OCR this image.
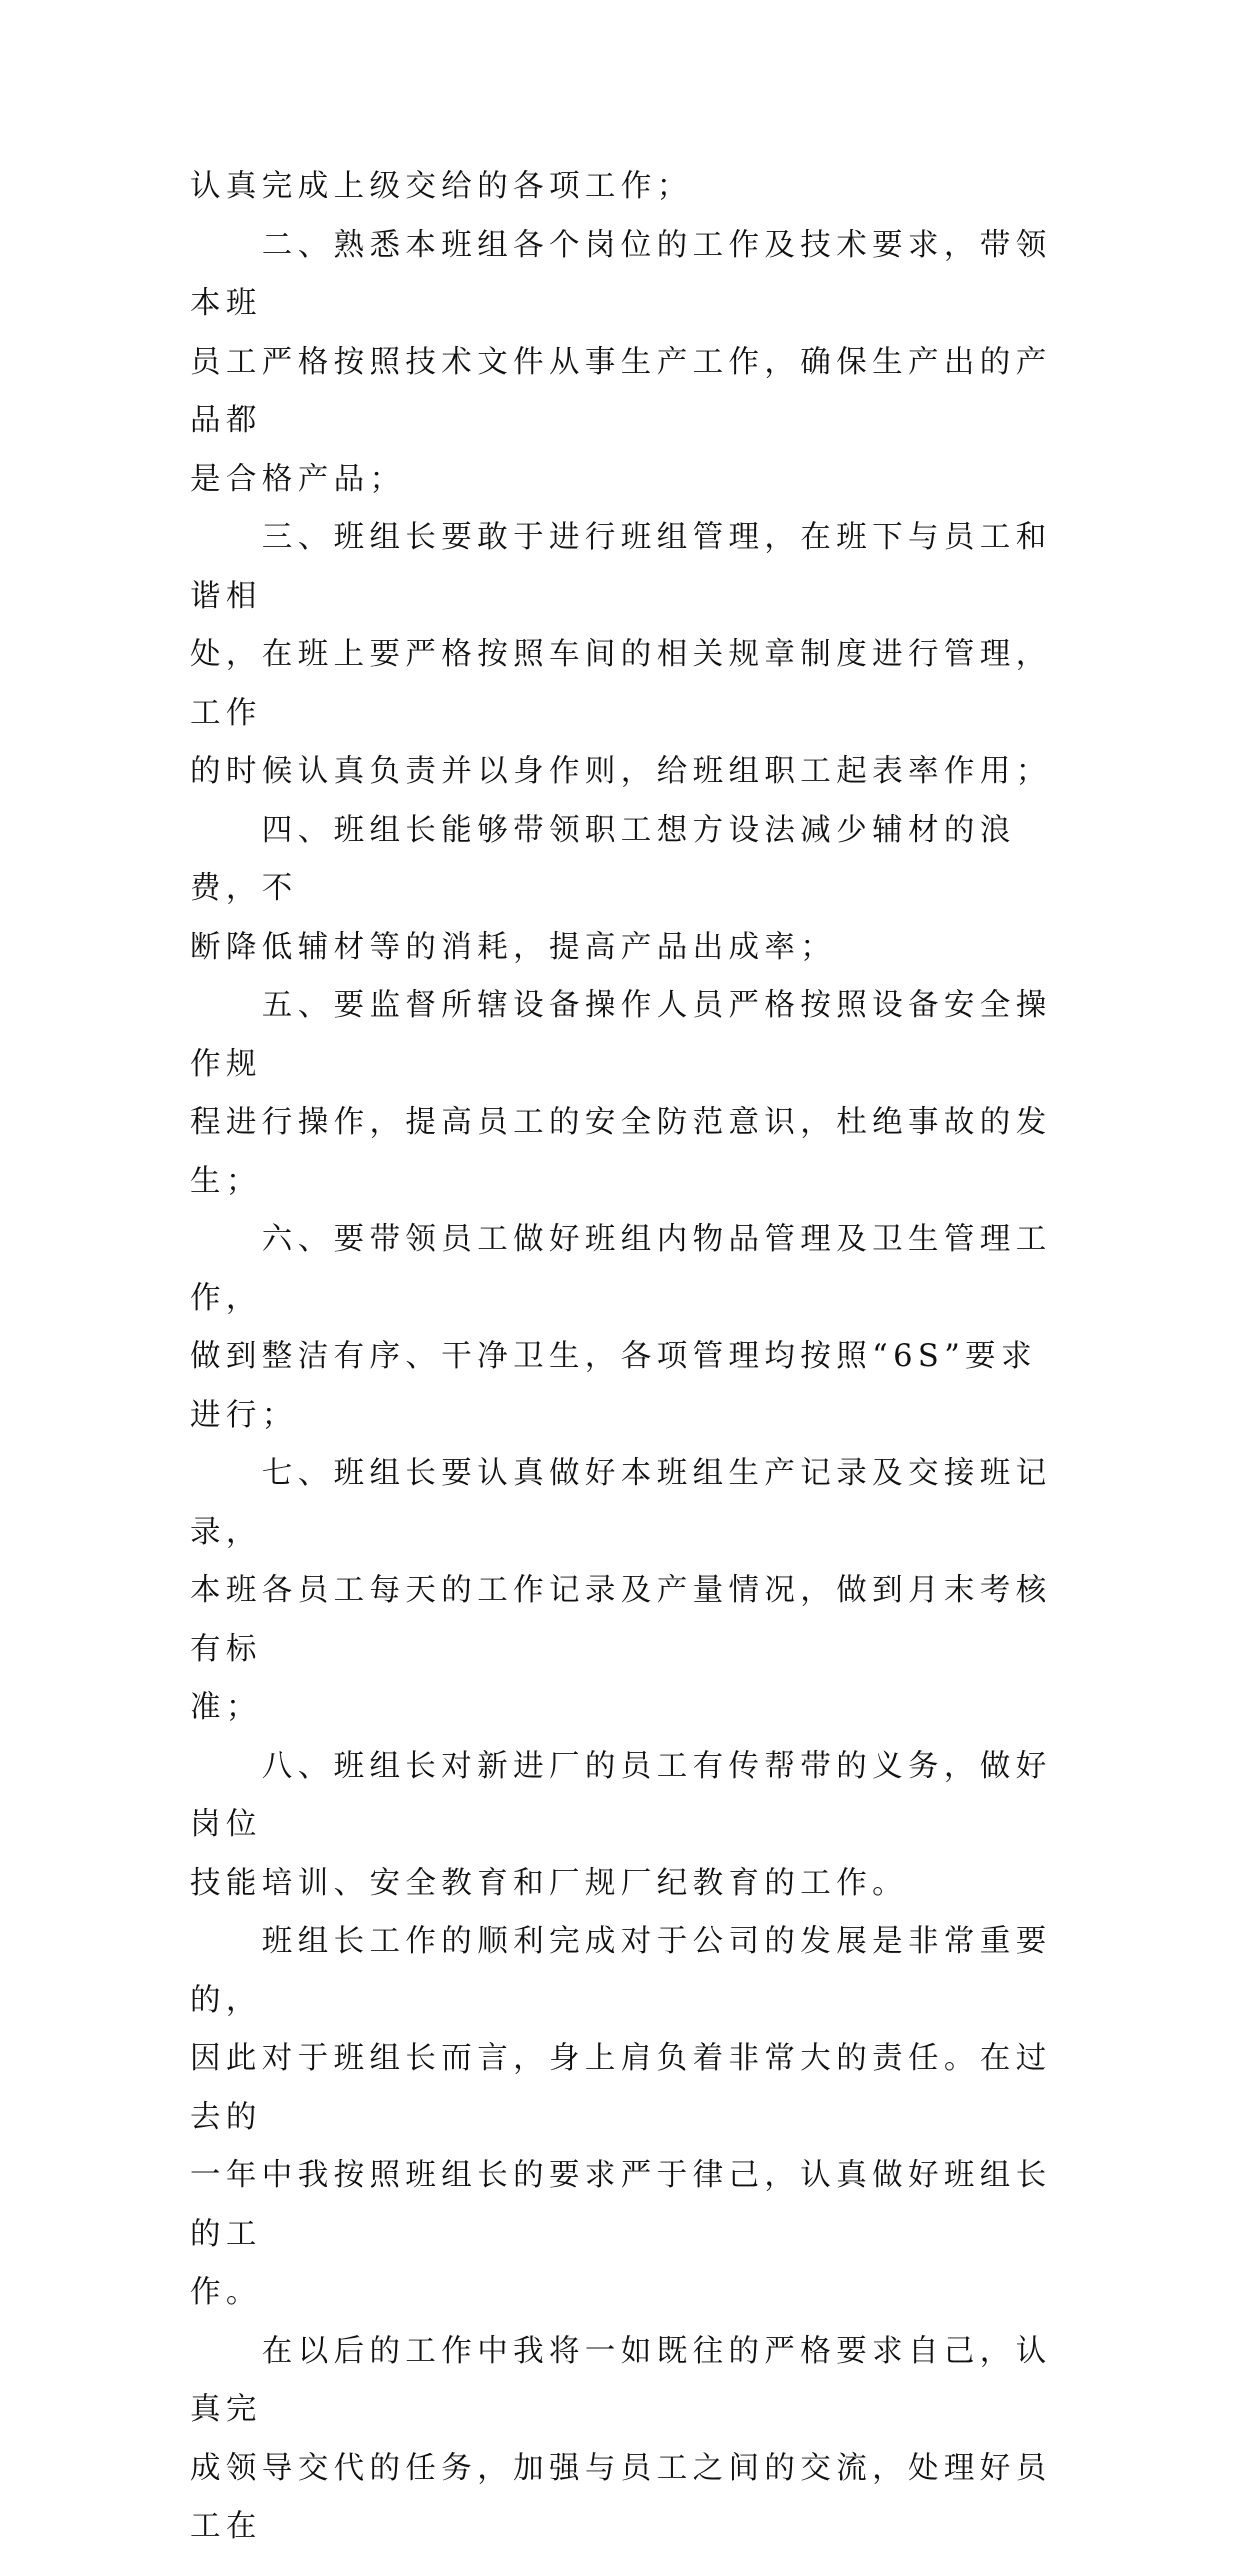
认真完成上级交给的各项工作；

　　二、熟悉本班组各个岗位的工作及技术要求，带领本班
员工严格按照技术文件从事生产工作，确保生产出的产品都
是合格产品；

　　三、班组长要敢于进行班组管理，在班下与员工和谐相
处，在班上要严格按照车间的相关规章制度进行管理，工作
的时候认真负责并以身作则，给班组职工起表率作用；

　　四、班组长能够带领职工想方设法减少辅材的浪费，不
断降低辅材等的消耗，提高产品出成率；

　　五、要监督所辖设备操作人员严格按照设备安全操作规
程进行操作，提高员工的安全防范意识，杜绝事故的发生；

　　六、要带领员工做好班组内物品管理及卫生管理工作，
做到整洁有序、干净卫生，各项管理均按照“6S”要求进行；

　　七、班组长要认真做好本班组生产记录及交接班记录，
本班各员工每天的工作记录及产量情况，做到月末考核有标
准；

　　八、班组长对新进厂的员工有传帮带的义务，做好岗位
技能培训、安全教育和厂规厂纪教育的工作。

　　班组长工作的顺利完成对于公司的发展是非常重要的，
因此对于班组长而言，身上肩负着非常大的责任。在过去的
一年中我按照班组长的要求严于律己，认真做好班组长的工
作。

　　在以后的工作中我将一如既往的严格要求自己，认真完
成领导交代的任务，加强与员工之间的交流，处理好员工在
